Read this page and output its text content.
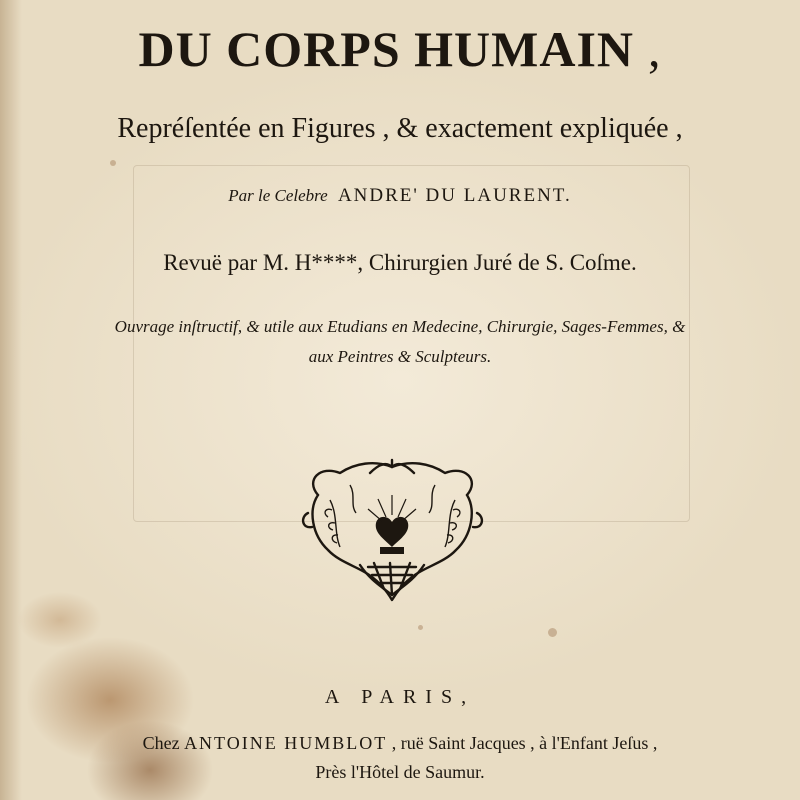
DU CORPS HUMAIN ,
Repréſentée en Figures , & exactement expliquée ,
Par le Celebre ANDRE' DU LAURENT.
Revuë par M. H****, Chirurgien Juré de S. Coſme.
Ouvrage inſtructif, & utile aux Etudians en Medecine, Chirurgie, Sages-Femmes, &
aux Peintres & Sculpteurs.
A PARIS,
Chez ANTOINE HUMBLOT , ruë Saint Jacques , à l'Enfant Jeſus ,
Près l'Hôtel de Saumur.
